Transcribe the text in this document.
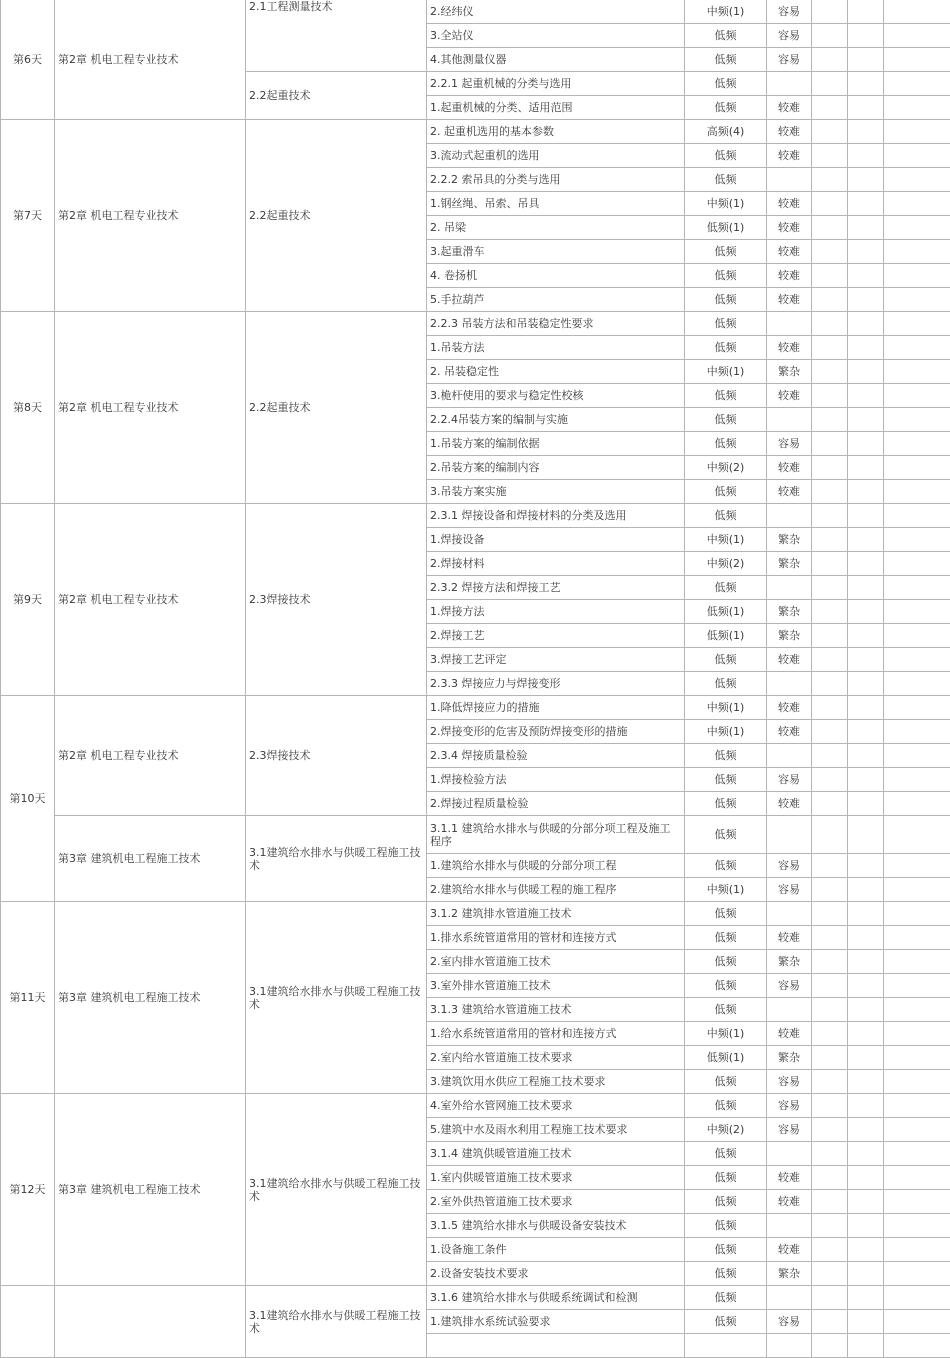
第6天	第2章 机电工程专业技术	2.1工程测量技术	2.经纬仪	中频(1)	容易			
			3.全站仪	低频	容易			
			4.其他测量仪器	低频	容易			
		2.2起重技术	2.2.1 起重机械的分类与选用	低频				
			1.起重机械的分类、适用范围	低频	较难			
第7天	第2章 机电工程专业技术	2.2起重技术	2. 起重机选用的基本参数	高频(4)	较难			
			3.流动式起重机的选用	低频	较难			
			2.2.2 索吊具的分类与选用	低频				
			1.钢丝绳、吊索、吊具	中频(1)	较难			
			2. 吊梁	低频(1)	较难			
			3.起重滑车	低频	较难			
			4. 卷扬机	低频	较难			
			5.手拉葫芦	低频	较难			
第8天	第2章 机电工程专业技术	2.2起重技术	2.2.3 吊装方法和吊装稳定性要求	低频				
			1.吊装方法	低频	较难			
			2. 吊装稳定性	中频(1)	繁杂			
			3.桅杆使用的要求与稳定性校核	低频	较难			
			2.2.4吊装方案的编制与实施	低频				
			1.吊装方案的编制依据	低频	容易			
			2.吊装方案的编制内容	中频(2)	较难			
			3.吊装方案实施	低频	较难			
第9天	第2章 机电工程专业技术	2.3焊接技术	2.3.1 焊接设备和焊接材料的分类及选用	低频				
			1.焊接设备	中频(1)	繁杂			
			2.焊接材料	中频(2)	繁杂			
			2.3.2 焊接方法和焊接工艺	低频				
			1.焊接方法	低频(1)	繁杂			
			2.焊接工艺	低频(1)	繁杂			
			3.焊接工艺评定	低频	较难			
			2.3.3 焊接应力与焊接变形	低频				
第10天	第2章 机电工程专业技术	2.3焊接技术	1.降低焊接应力的措施	中频(1)	较难			
			2.焊接变形的危害及预防焊接变形的措施	中频(1)	较难			
			2.3.4 焊接质量检验	低频				
			1.焊接检验方法	低频	容易			
			2.焊接过程质量检验	低频	较难			
	第3章 建筑机电工程施工技术	3.1建筑给水排水与供暖工程施工技术	3.1.1 建筑给水排水与供暖的分部分项工程及施工程序	低频				
			1.建筑给水排水与供暖的分部分项工程	低频	容易			
			2.建筑给水排水与供暖工程的施工程序	中频(1)	容易			
第11天	第3章 建筑机电工程施工技术	3.1建筑给水排水与供暖工程施工技术	3.1.2 建筑排水管道施工技术	低频				
			1.排水系统管道常用的管材和连接方式	低频	较难			
			2.室内排水管道施工技术	低频	繁杂			
			3.室外排水管道施工技术	低频	容易			
			3.1.3 建筑给水管道施工技术	低频				
			1.给水系统管道常用的管材和连接方式	中频(1)	较难			
			2.室内给水管道施工技术要求	低频(1)	繁杂			
			3.建筑饮用水供应工程施工技术要求	低频	容易			
第12天	第3章 建筑机电工程施工技术	3.1建筑给水排水与供暖工程施工技术	4.室外给水管网施工技术要求	低频	容易			
			5.建筑中水及雨水利用工程施工技术要求	中频(2)	容易			
			3.1.4 建筑供暖管道施工技术	低频				
			1.室内供暖管道施工技术要求	低频	较难			
			2.室外供热管道施工技术要求	低频	较难			
			3.1.5 建筑给水排水与供暖设备安装技术	低频				
			1.设备施工条件	低频	较难			
			2.设备安装技术要求	低频	繁杂			
		3.1建筑给水排水与供暖工程施工技术	3.1.6 建筑给水排水与供暖系统调试和检测	低频				
			1.建筑排水系统试验要求	低频	容易			
